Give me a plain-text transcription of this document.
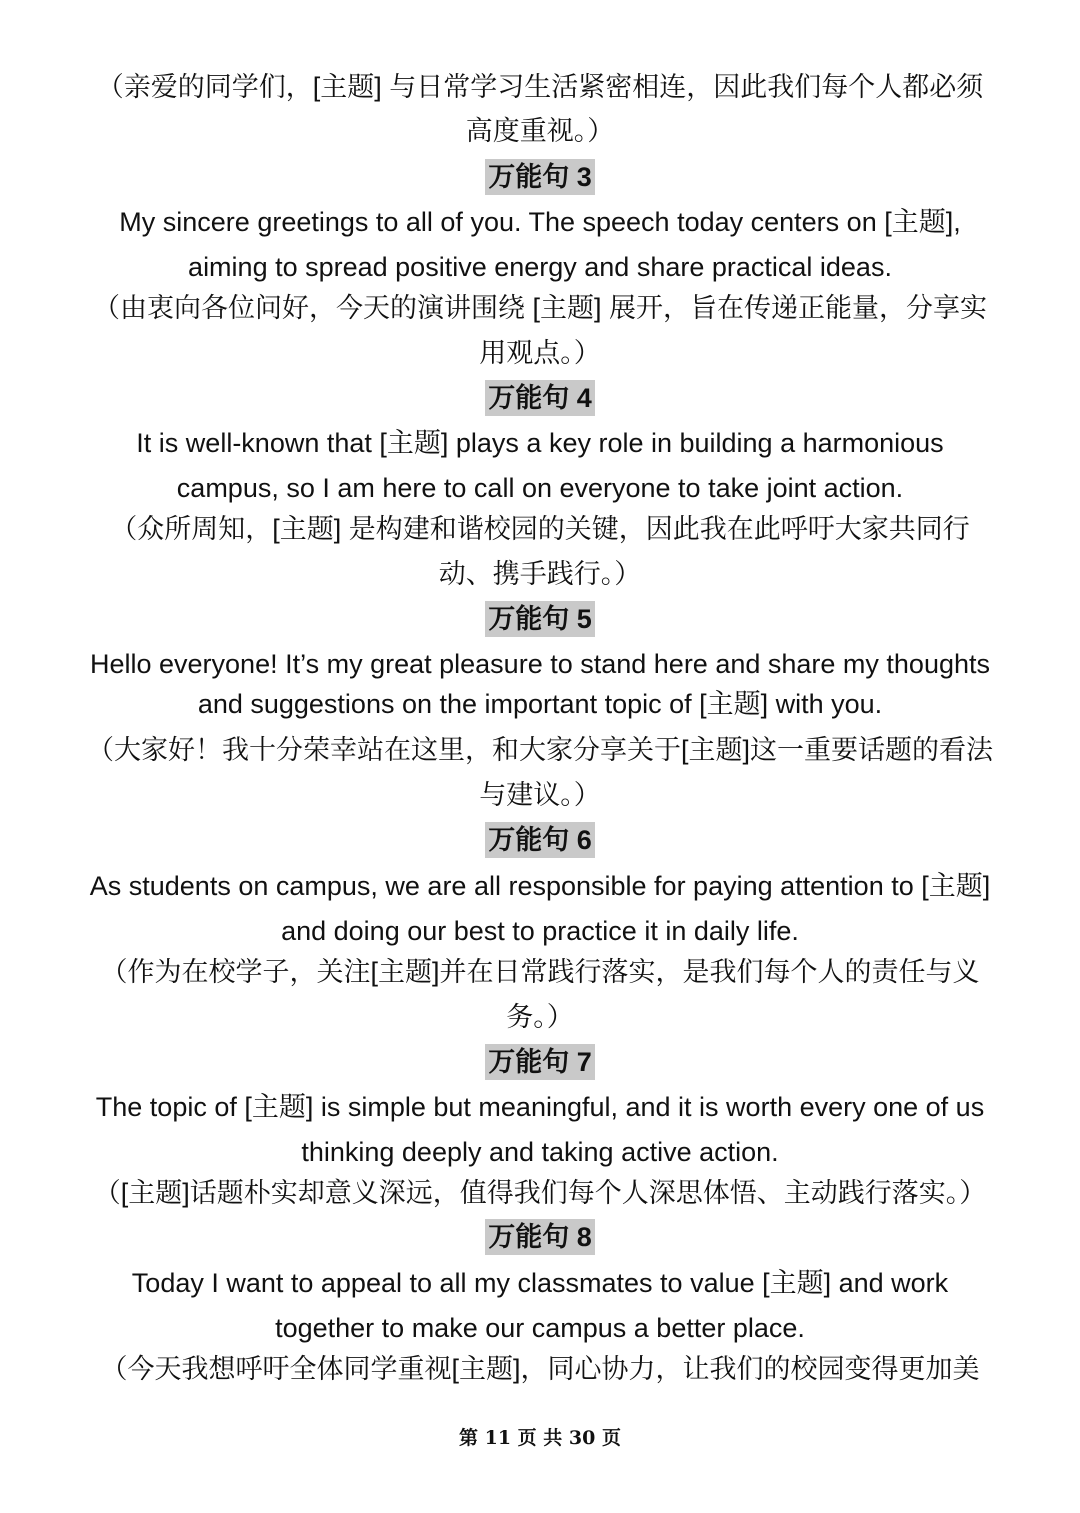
（亲爱的同学们，[主题] 与日常学习生活紧密相连，因此我们每个人都必须
高度重视。）
万能句 3
My sincere greetings to all of you. The speech today centers on [主题],
aiming to spread positive energy and share practical ideas.
（由衷向各位问好，今天的演讲围绕 [主题] 展开，旨在传递正能量，分享实
用观点。）
万能句 4
It is well-known that [主题] plays a key role in building a harmonious
campus, so I am here to call on everyone to take joint action.
（众所周知，[主题] 是构建和谐校园的关键，因此我在此呼吁大家共同行
动、携手践行。）
万能句 5
Hello everyone! It’s my great pleasure to stand here and share my thoughts
and suggestions on the important topic of [主题] with you.
（大家好！我十分荣幸站在这里，和大家分享关于[主题]这一重要话题的看法
与建议。）
万能句 6
As students on campus, we are all responsible for paying attention to [主题]
and doing our best to practice it in daily life.
（作为在校学子，关注[主题]并在日常践行落实，是我们每个人的责任与义
务。）
万能句 7
The topic of [主题] is simple but meaningful, and it is worth every one of us
thinking deeply and taking active action.
（[主题]话题朴实却意义深远，值得我们每个人深思体悟、主动践行落实。）
万能句 8
Today I want to appeal to all my classmates to value [主题] and work
together to make our campus a better place.
（今天我想呼吁全体同学重视[主题]，同心协力，让我们的校园变得更加美
第 11 页 共 30 页
